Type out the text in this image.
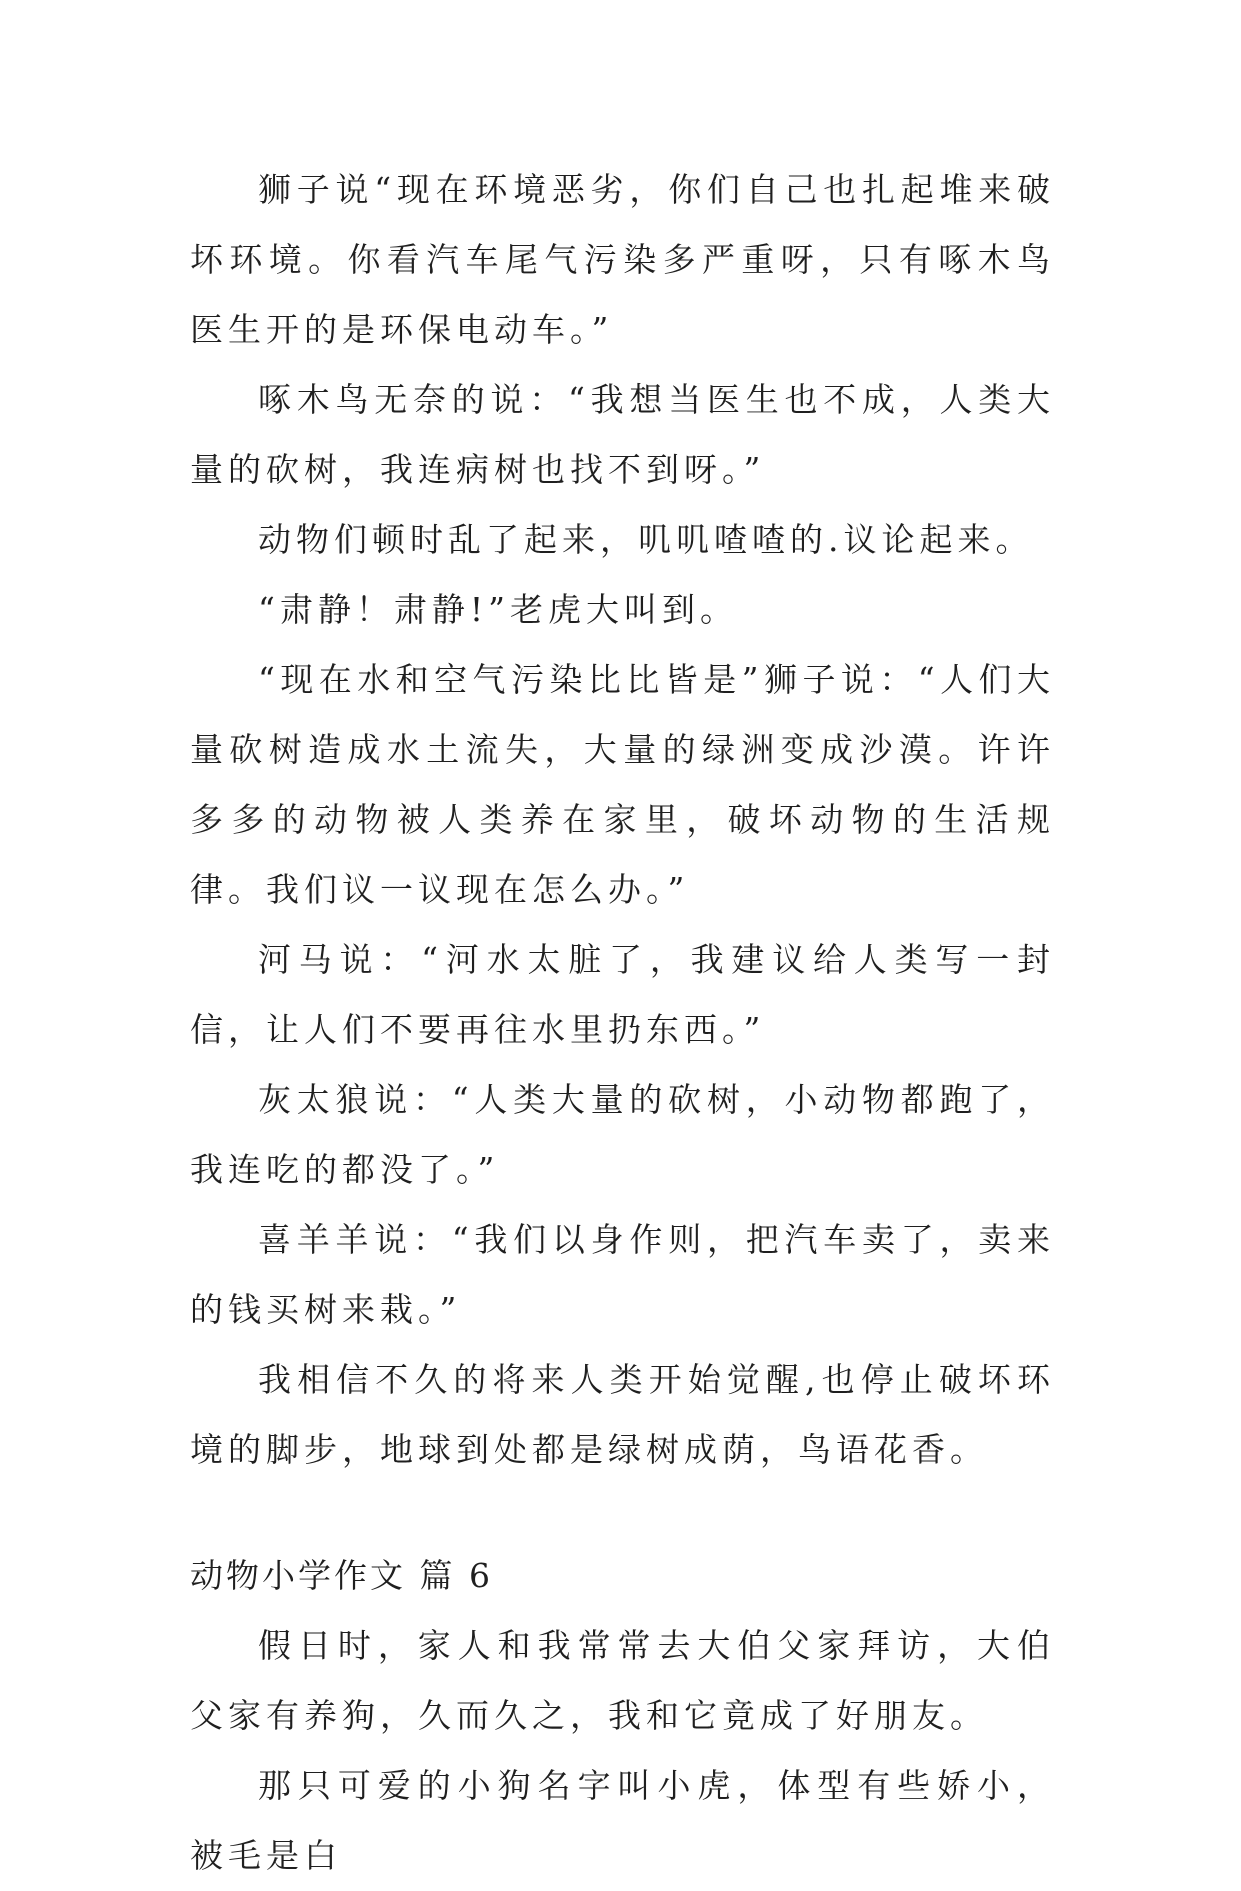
狮子说“现在环境恶劣，你们自己也扎起堆来破坏环境。你看汽车尾气污染多严重呀，只有啄木鸟医生开的是环保电动车。”

啄木鸟无奈的说：“我想当医生也不成，人类大量的砍树，我连病树也找不到呀。”

动物们顿时乱了起来，叽叽喳喳的.议论起来。

“肃静！肃静!”老虎大叫到。

“现在水和空气污染比比皆是”狮子说：“人们大量砍树造成水土流失，大量的绿洲变成沙漠。许许多多的动物被人类养在家里，破坏动物的生活规律。我们议一议现在怎么办。”

河马说：“河水太脏了，我建议给人类写一封信，让人们不要再往水里扔东西。”

灰太狼说：“人类大量的砍树，小动物都跑了，我连吃的都没了。”

喜羊羊说：“我们以身作则，把汽车卖了，卖来的钱买树来栽。”

我相信不久的将来人类开始觉醒,也停止破坏环境的脚步，地球到处都是绿树成荫，鸟语花香。

动物小学作文 篇 6

假日时，家人和我常常去大伯父家拜访，大伯父家有养狗，久而久之，我和它竟成了好朋友。

那只可爱的小狗名字叫小虎，体型有些娇小，被毛是白
